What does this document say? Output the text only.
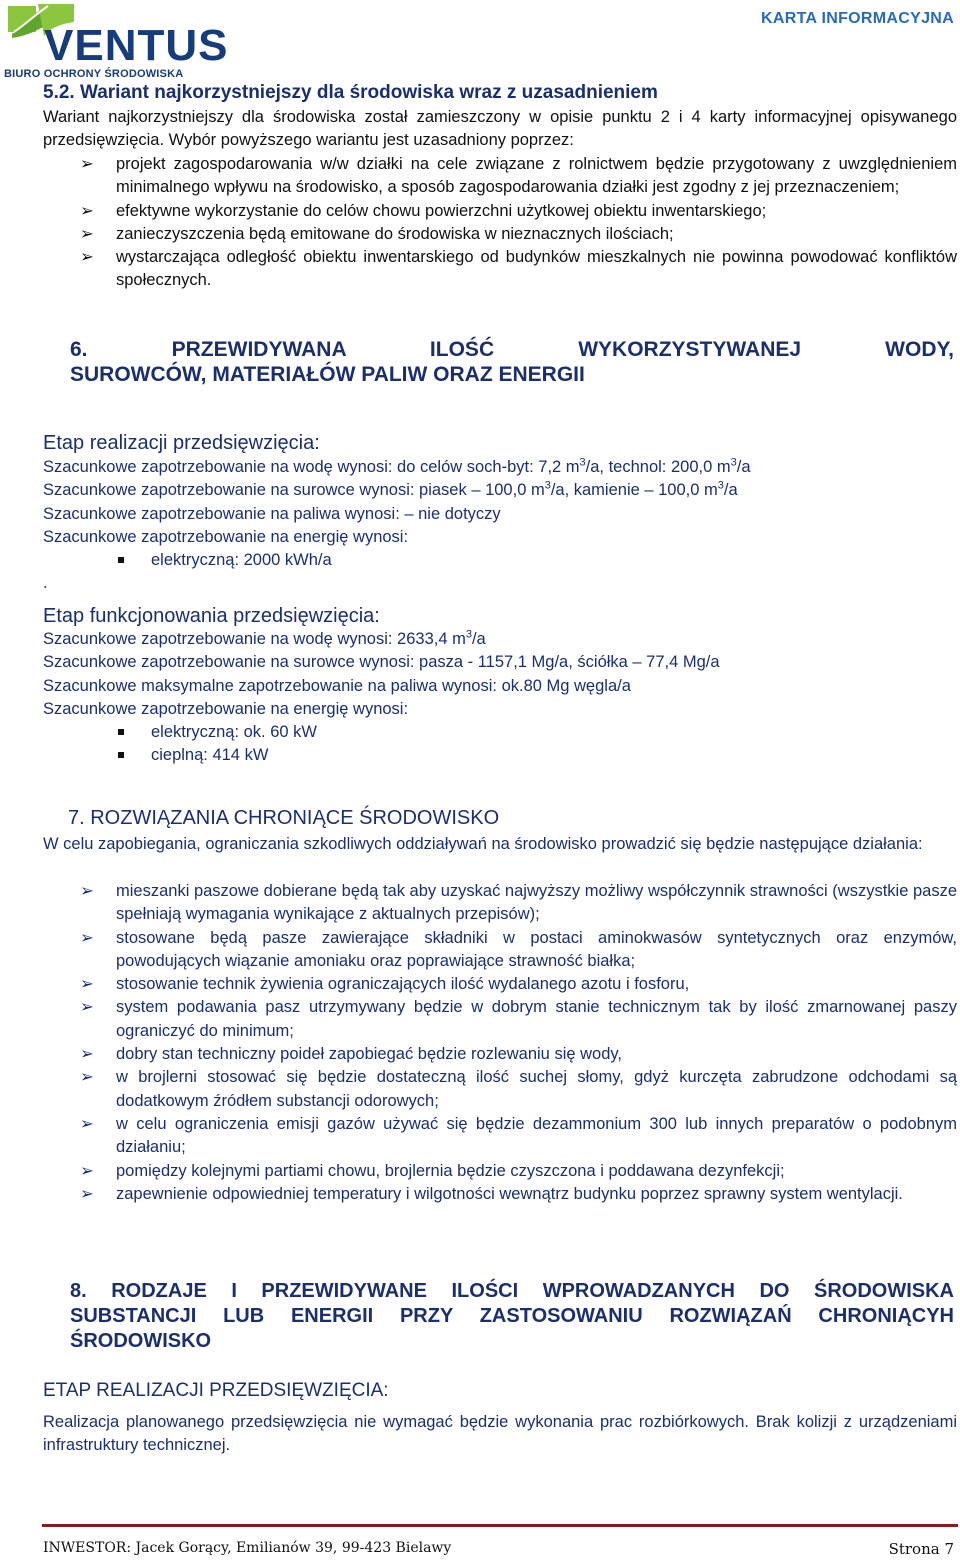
VENTUS
BIURO OCHRONY ŚRODOWISKA
KARTA INFORMACYJNA
5.2. Wariant najkorzystniejszy dla środowiska wraz z uzasadnieniem
Wariant najkorzystniejszy dla środowiska został zamieszczony w opisie punktu 2 i 4 karty informacyjnej opisywanego przedsięwzięcia. Wybór powyższego wariantu jest uzasadniony poprzez:
➢ projekt zagospodarowania w/w działki na cele związane z rolnictwem będzie przygotowany z uwzględnieniem minimalnego wpływu na środowisko, a sposób zagospodarowania działki jest zgodny z jej przeznaczeniem;
➢ efektywne wykorzystanie do celów chowu powierzchni użytkowej obiektu inwentarskiego;
➢ zanieczyszczenia będą emitowane do środowiska w nieznacznych ilościach;
➢ wystarczająca odległość obiektu inwentarskiego od budynków mieszkalnych nie powinna powodować konfliktów społecznych.
6. PRZEWIDYWANA ILOŚĆ WYKORZYSTYWANEJ WODY,
SUROWCÓW, MATERIAŁÓW PALIW ORAZ ENERGII
Etap realizacji przedsięwzięcia:
Szacunkowe zapotrzebowanie na wodę wynosi: do celów soch-byt: 7,2 $m^3/a$, technol: 200,0 $m^3/a$
Szacunkowe zapotrzebowanie na surowce wynosi: piasek – 100,0 $m^3/a$, kamienie – 100,0 $m^3/a$
Szacunkowe zapotrzebowanie na paliwa wynosi: – nie dotyczy
Szacunkowe zapotrzebowanie na energię wynosi:
elektryczną: 2000 kWh/a
.
Etap funkcjonowania przedsięwzięcia:
Szacunkowe zapotrzebowanie na wodę wynosi: 2633,4 $m^3/a$
Szacunkowe zapotrzebowanie na surowce wynosi: pasza - 1157,1 Mg/a, ściółka – 77,4 Mg/a
Szacunkowe maksymalne zapotrzebowanie na paliwa wynosi: ok.80 Mg węgla/a
Szacunkowe zapotrzebowanie na energię wynosi:
elektryczną: ok. 60 kW
cieplną: 414 kW
7. ROZWIĄZANIA CHRONIĄCE ŚRODOWISKO
W celu zapobiegania, ograniczania szkodliwych oddziaływań na środowisko prowadzić się będzie następujące działania:
➢ mieszanki paszowe dobierane będą tak aby uzyskać najwyższy możliwy współczynnik strawności (wszystkie pasze spełniają wymagania wynikające z aktualnych przepisów);
➢ stosowane będą pasze zawierające składniki w postaci aminokwasów syntetycznych oraz enzymów, powodujących wiązanie amoniaku oraz poprawiające strawność białka;
➢ stosowanie technik żywienia ograniczających ilość wydalanego azotu i fosforu,
➢ system podawania pasz utrzymywany będzie w dobrym stanie technicznym tak by ilość zmarnowanej paszy ograniczyć do minimum;
➢ dobry stan techniczny poideł zapobiegać będzie rozlewaniu się wody,
➢ w brojlerni stosować się będzie dostateczną ilość suchej słomy, gdyż kurczęta zabrudzone odchodami są dodatkowym źródłem substancji odorowych;
➢ w celu ograniczenia emisji gazów używać się będzie dezammonium 300 lub innych preparatów o podobnym działaniu;
➢ pomiędzy kolejnymi partiami chowu, brojlernia będzie czyszczona i poddawana dezynfekcji;
➢ zapewnienie odpowiedniej temperatury i wilgotności wewnątrz budynku poprzez sprawny system wentylacji.
8. RODZAJE I PRZEWIDYWANE ILOŚCI WPROWADZANYCH DO ŚRODOWISKA
SUBSTANCJI LUB ENERGII PRZY ZASTOSOWANIU ROZWIĄZAŃ CHRONIĄCYH
ŚRODOWISKO
ETAP REALIZACJI PRZEDSIĘWZIĘCIA:
Realizacja planowanego przedsięwzięcia nie wymagać będzie wykonania prac rozbiórkowych. Brak kolizji z urządzeniami infrastruktury technicznej.
INWESTOR: Jacek Gorący, Emilianów 39, 99-423 Bielawy	Strona 7
